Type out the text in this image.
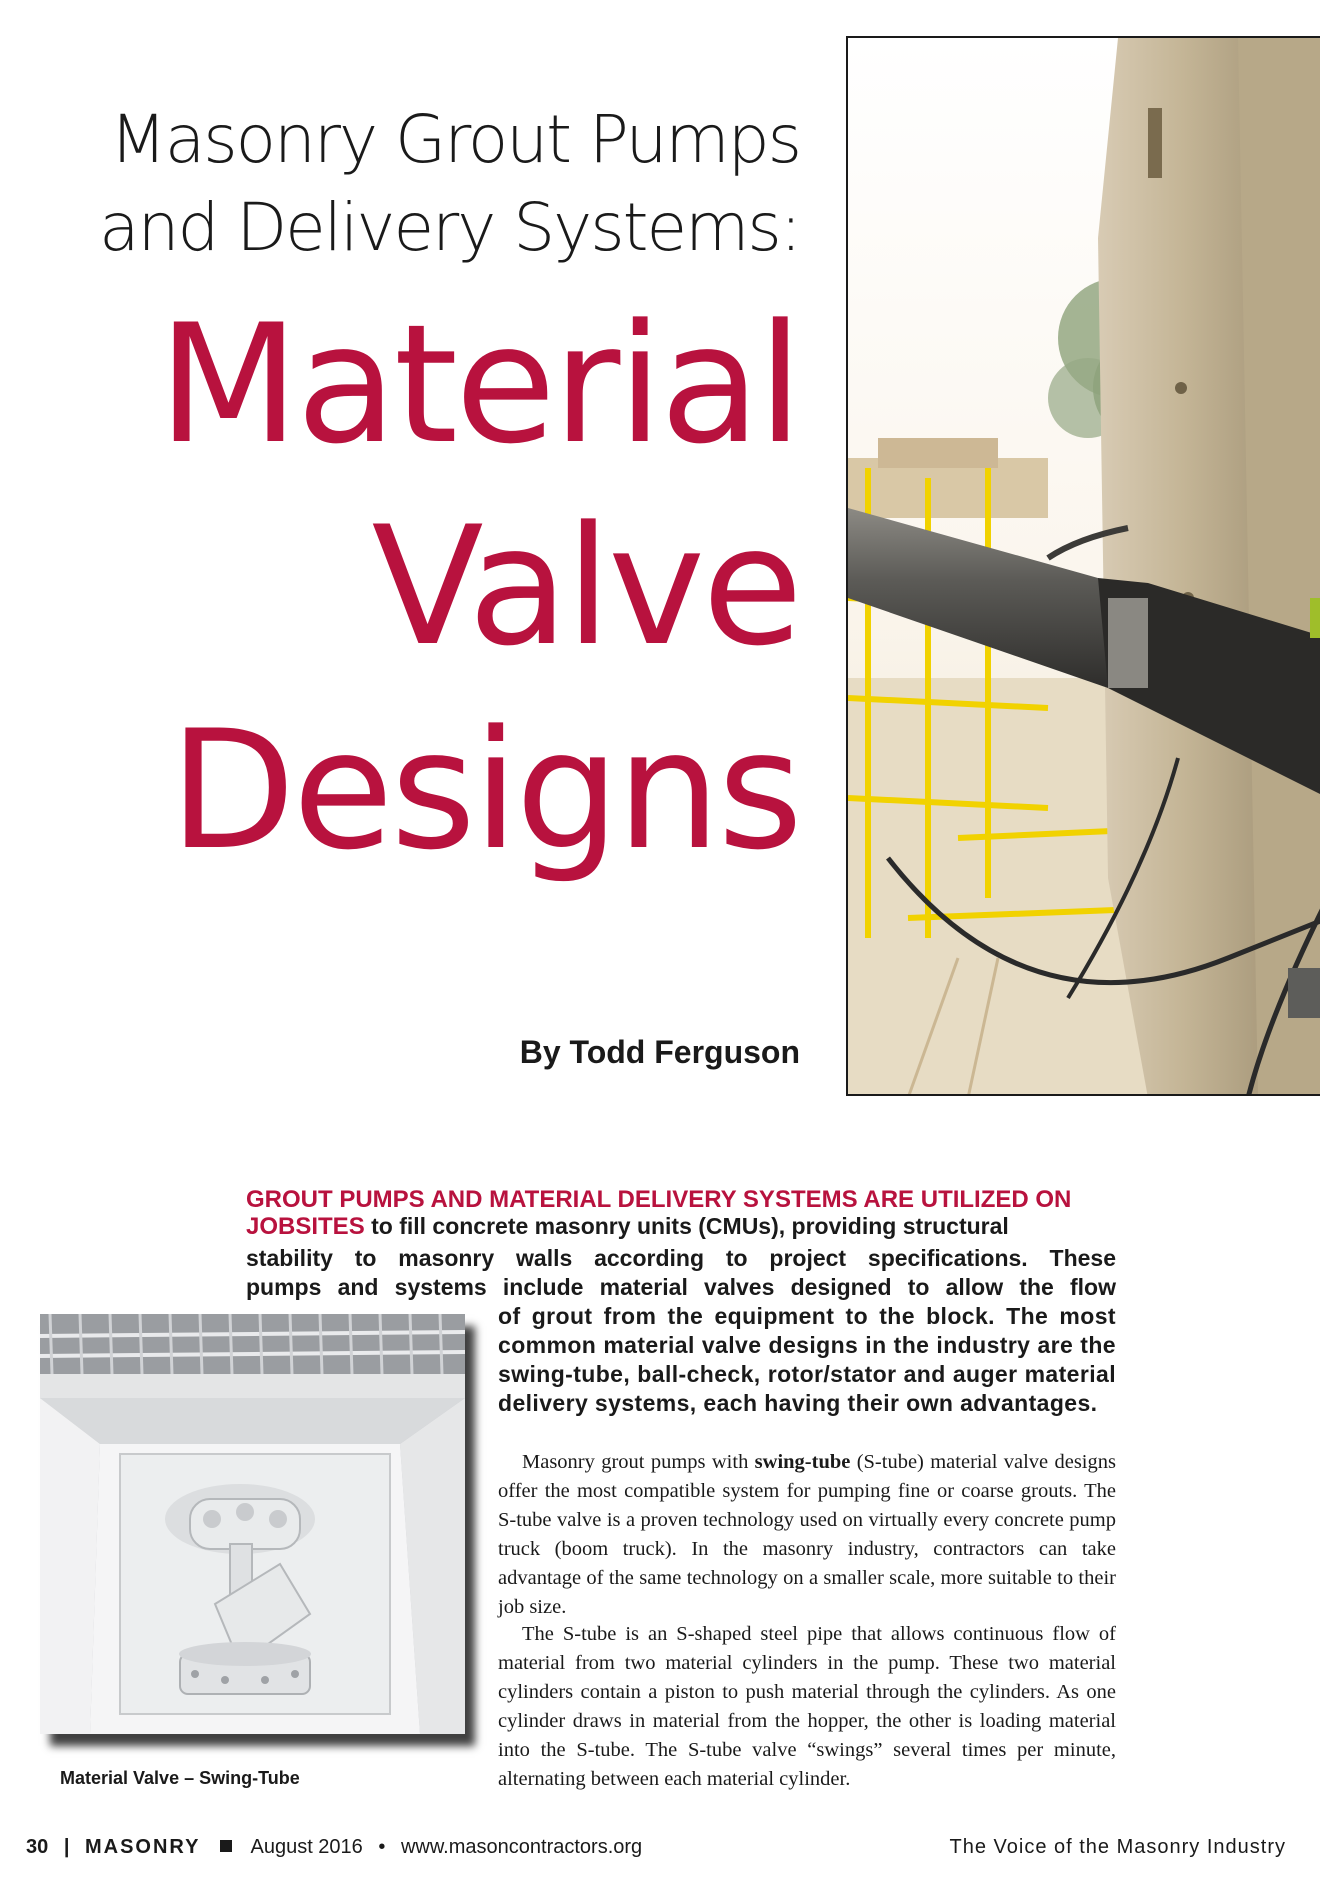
Masonry Grout Pumps
and Delivery Systems:
Material
Valve
Designs
By Todd Ferguson
GROUT PUMPS AND MATERIAL DELIVERY SYSTEMS ARE UTILIZED ON JOBSITES to fill concrete masonry units (CMUs), providing structural
stability to masonry walls according to project specifications. These
pumps and systems include material valves designed to allow the flow
of grout from the equipment to the block. The most common material valve designs in the industry are the swing-tube, ball-check, rotor/stator and auger material delivery systems, each having their own advantages.
Masonry grout pumps with swing-tube (S-tube) material valve designs offer the most compatible system for pumping fine or coarse grouts. The S-tube valve is a proven technology used on virtually every concrete pump truck (boom truck). In the masonry industry, contractors can take advantage of the same technology on a smaller scale, more suitable to their job size.
The S-tube is an S-shaped steel pipe that allows continuous flow of material from two material cylinders in the pump. These two material cylinders contain a piston to push material through the cylinders. As one cylinder draws in material from the hopper, the other is loading material into the S-tube. The S-tube valve “swings” several times per minute, alternating between each material cylinder.
Material Valve – Swing-Tube
30 | MASONRY	August 2016 • www.masoncontractors.org	The Voice of the Masonry Industry
